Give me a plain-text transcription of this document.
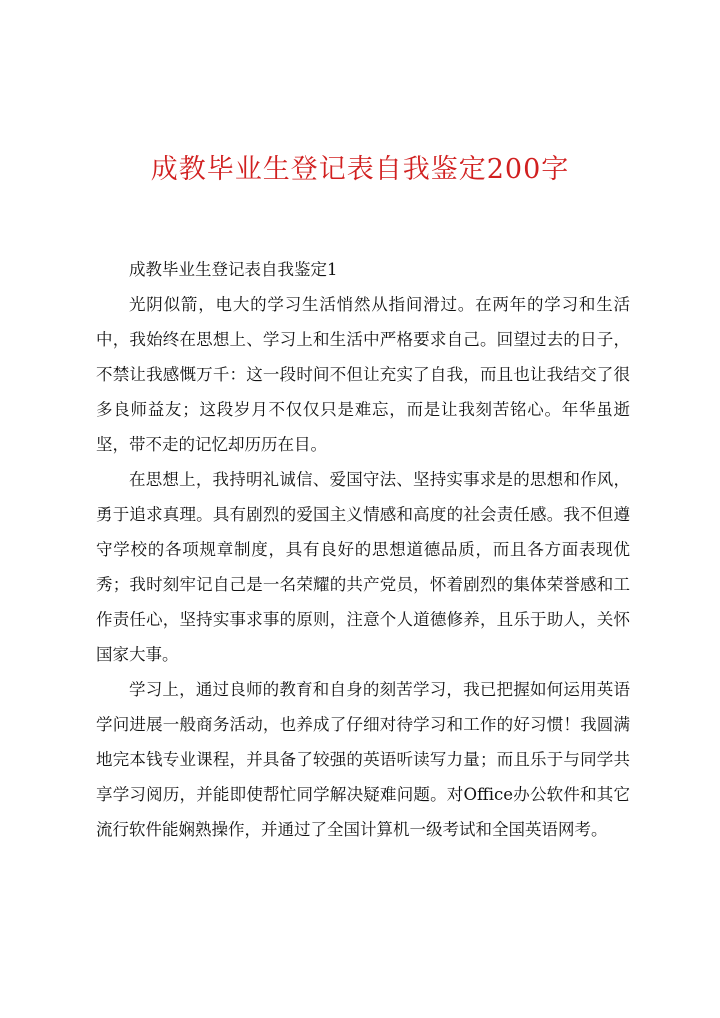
成教毕业生登记表自我鉴定200字

成教毕业生登记表自我鉴定1

光阴似箭，电大的学习生活悄然从指间滑过。在两年的学习和生活中，我始终在思想上、学习上和生活中严格要求自己。回望过去的日子，不禁让我感慨万千：这一段时间不但让充实了自我，而且也让我结交了很多良师益友；这段岁月不仅仅只是难忘，而是让我刻苦铭心。年华虽逝坚，带不走的记忆却历历在目。

在思想上，我持明礼诚信、爱国守法、坚持实事求是的思想和作风，勇于追求真理。具有剧烈的爱国主义情感和高度的社会责任感。我不但遵守学校的各项规章制度，具有良好的思想道德品质，而且各方面表现优秀；我时刻牢记自己是一名荣耀的共产党员，怀着剧烈的集体荣誉感和工作责任心，坚持实事求事的原则，注意个人道德修养，且乐于助人，关怀国家大事。

学习上，通过良师的教育和自身的刻苦学习，我已把握如何运用英语学问进展一般商务活动，也养成了仔细对待学习和工作的好习惯！我圆满地完本钱专业课程，并具备了较强的英语听读写力量；而且乐于与同学共享学习阅历，并能即使帮忙同学解决疑难问题。对Office办公软件和其它流行软件能娴熟操作，并通过了全国计算机一级考试和全国英语网考。
